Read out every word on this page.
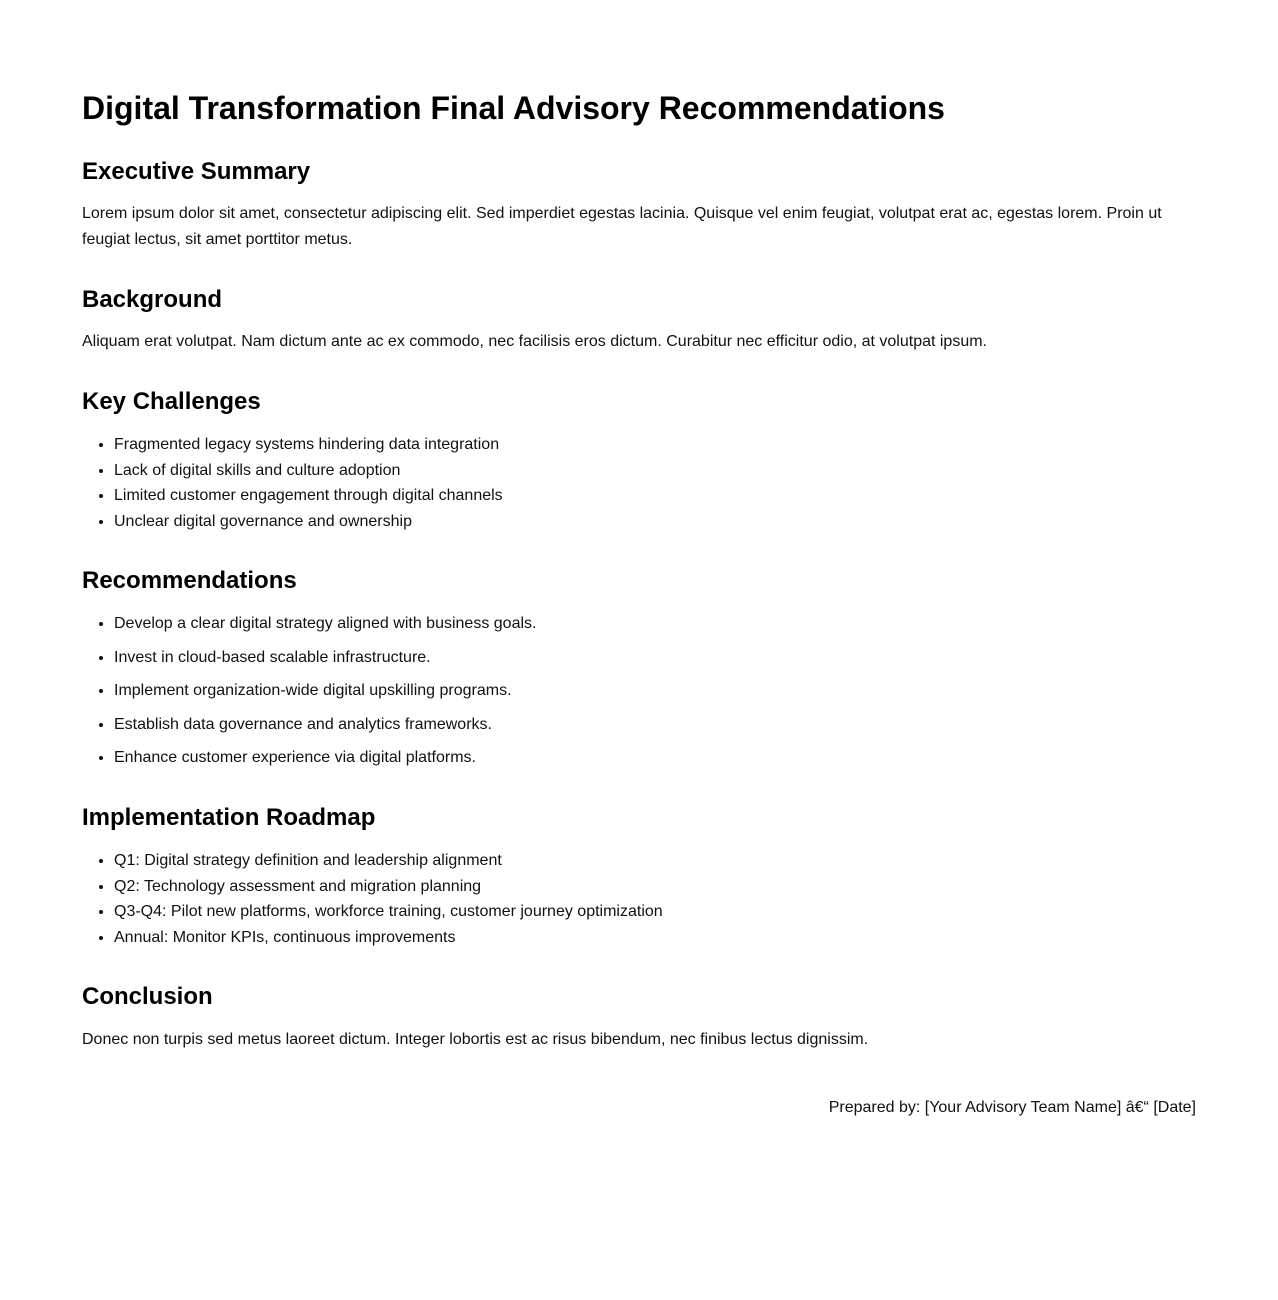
Digital Transformation Final Advisory Recommendations
Executive Summary

Lorem ipsum dolor sit amet, consectetur adipiscing elit. Sed imperdiet egestas lacinia. Quisque vel enim feugiat, volutpat erat ac, egestas lorem. Proin ut feugiat lectus, sit amet porttitor metus.

Background

Aliquam erat volutpat. Nam dictum ante ac ex commodo, nec facilisis eros dictum. Curabitur nec efficitur odio, at volutpat ipsum.

Key Challenges
• Fragmented legacy systems hindering data integration
• Lack of digital skills and culture adoption
• Limited customer engagement through digital channels
• Unclear digital governance and ownership
Recommendations
• Develop a clear digital strategy aligned with business goals.
• Invest in cloud-based scalable infrastructure.
• Implement organization-wide digital upskilling programs.
• Establish data governance and analytics frameworks.
• Enhance customer experience via digital platforms.
Implementation Roadmap
• Q1: Digital strategy definition and leadership alignment
• Q2: Technology assessment and migration planning
• Q3-Q4: Pilot new platforms, workforce training, customer journey optimization
• Annual: Monitor KPIs, continuous improvements
Conclusion

Donec non turpis sed metus laoreet dictum. Integer lobortis est ac risus bibendum, nec finibus lectus dignissim.

Prepared by: [Your Advisory Team Name] â€“ [Date]
